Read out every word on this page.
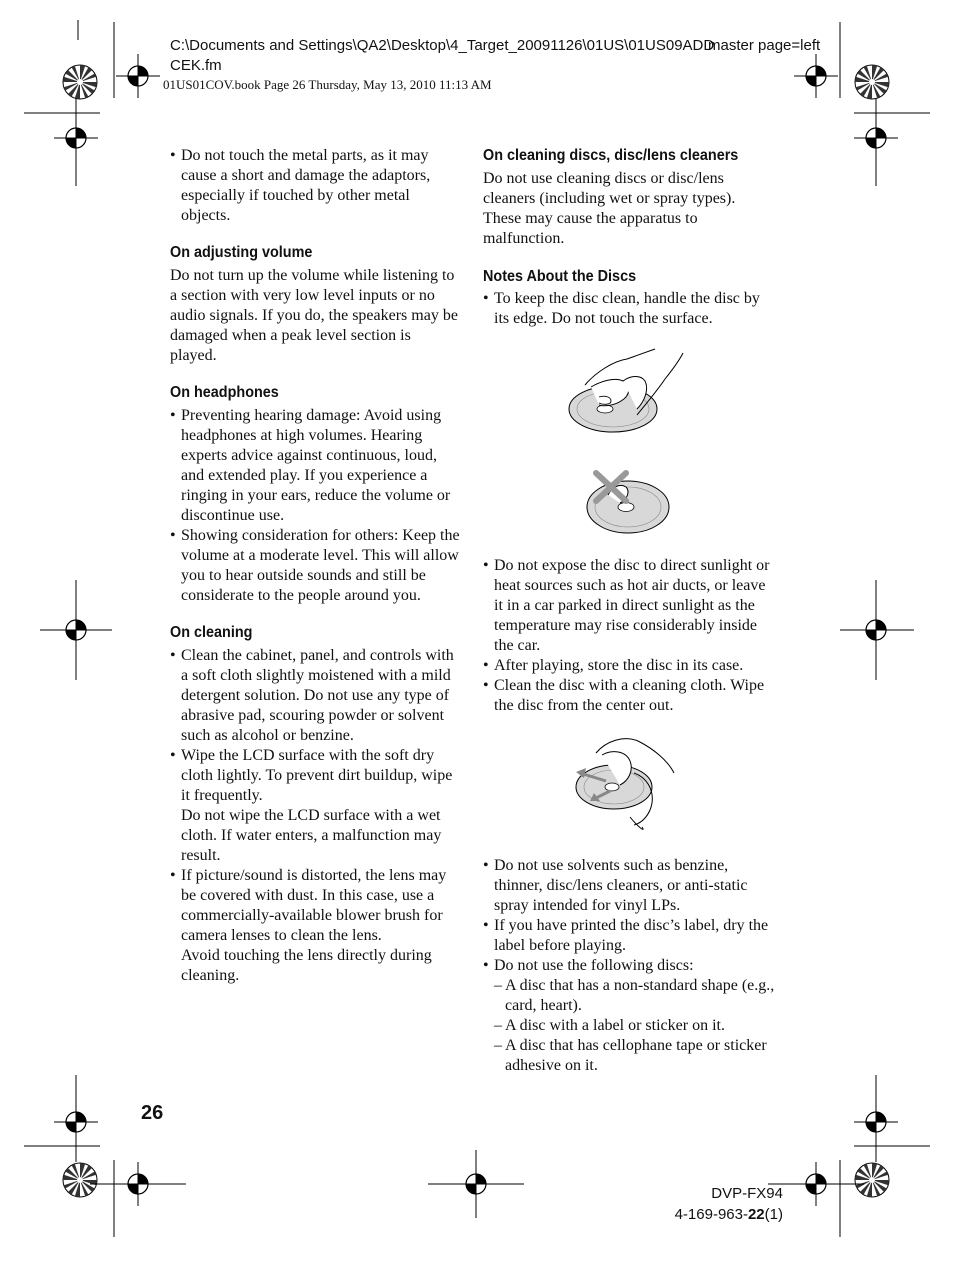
C:\Documents and Settings\QA2\Desktop\4_Target_20091126\01US\01US09ADD
master page=left
CEK.fm
01US01COV.book Page 26 Thursday, May 13, 2010 11:13 AM
• Do not touch the metal parts, as it may cause a short and damage the adaptors, especially if touched by other metal objects.
On adjusting volume

Do not turn up the volume while listening to a section with very low level inputs or no audio signals. If you do, the speakers may be damaged when a peak level section is played.

On headphones
• Preventing hearing damage: Avoid using headphones at high volumes. Hearing experts advice against continuous, loud, and extended play. If you experience a ringing in your ears, reduce the volume or discontinue use.
• Showing consideration for others: Keep the volume at a moderate level. This will allow you to hear outside sounds and still be considerate to the people around you.
On cleaning
• Clean the cabinet, panel, and controls with a soft cloth slightly moistened with a mild detergent solution. Do not use any type of abrasive pad, scouring powder or solvent such as alcohol or benzine.
• Wipe the LCD surface with the soft dry cloth lightly. To prevent dirt buildup, wipe it frequently.
Do not wipe the LCD surface with a wet cloth. If water enters, a malfunction may result.
• If picture/sound is distorted, the lens may be covered with dust. In this case, use a commercially-available blower brush for camera lenses to clean the lens.
Avoid touching the lens directly during cleaning.
On cleaning discs, disc/lens cleaners

Do not use cleaning discs or disc/lens cleaners (including wet or spray types). These may cause the apparatus to malfunction.

Notes About the Discs
• To keep the disc clean, handle the disc by its edge. Do not touch the surface.
• Do not expose the disc to direct sunlight or heat sources such as hot air ducts, or leave it in a car parked in direct sunlight as the temperature may rise considerably inside the car.
• After playing, store the disc in its case.
• Clean the disc with a cleaning cloth. Wipe the disc from the center out.
• Do not use solvents such as benzine, thinner, disc/lens cleaners, or anti-static spray intended for vinyl LPs.
• If you have printed the disc’s label, dry the label before playing.
• Do not use the following discs:
– A disc that has a non-standard shape (e.g., card, heart).
– A disc with a label or sticker on it.
– A disc that has cellophane tape or sticker adhesive on it.
26
DVP-FX94
4-169-963-22(1)
